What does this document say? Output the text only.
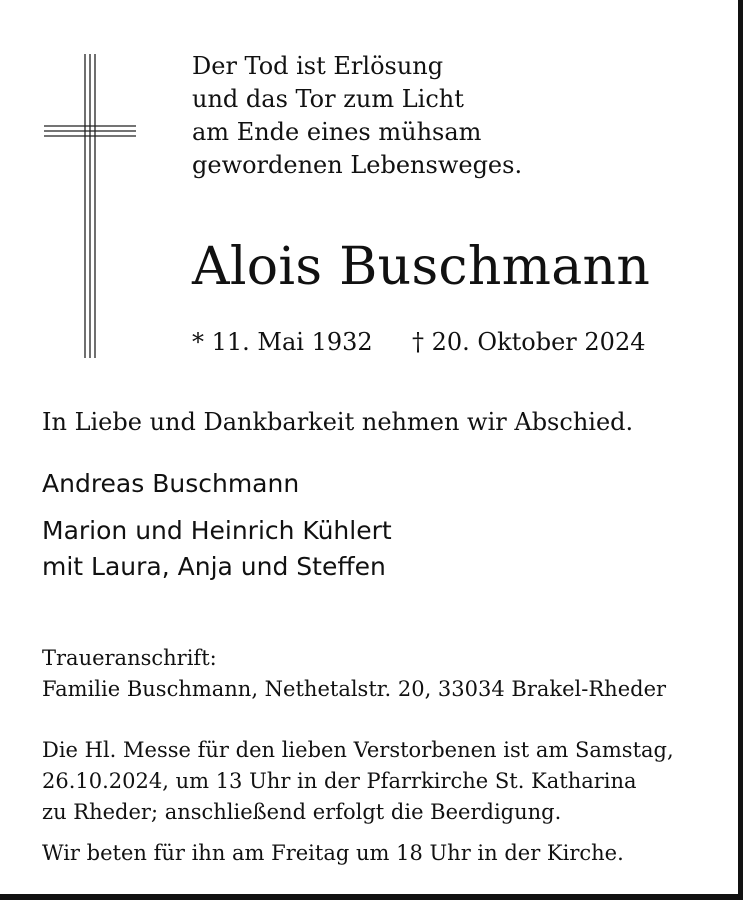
Der Tod ist Erlösung
und das Tor zum Licht
am Ende eines mühsam
gewordenen Lebensweges.
Alois Buschmann
* 11. Mai 1932 † 20. Oktober 2024
In Liebe und Dankbarkeit nehmen wir Abschied.
Andreas Buschmann
Marion und Heinrich Kühlert
mit Laura, Anja und Steffen
Traueranschrift:
Familie Buschmann, Nethetalstr. 20, 33034 Brakel-Rheder
Die Hl. Messe für den lieben Verstorbenen ist am Samstag,
26.10.2024, um 13 Uhr in der Pfarrkirche St. Katharina
zu Rheder; anschließend erfolgt die Beerdigung.
Wir beten für ihn am Freitag um 18 Uhr in der Kirche.
